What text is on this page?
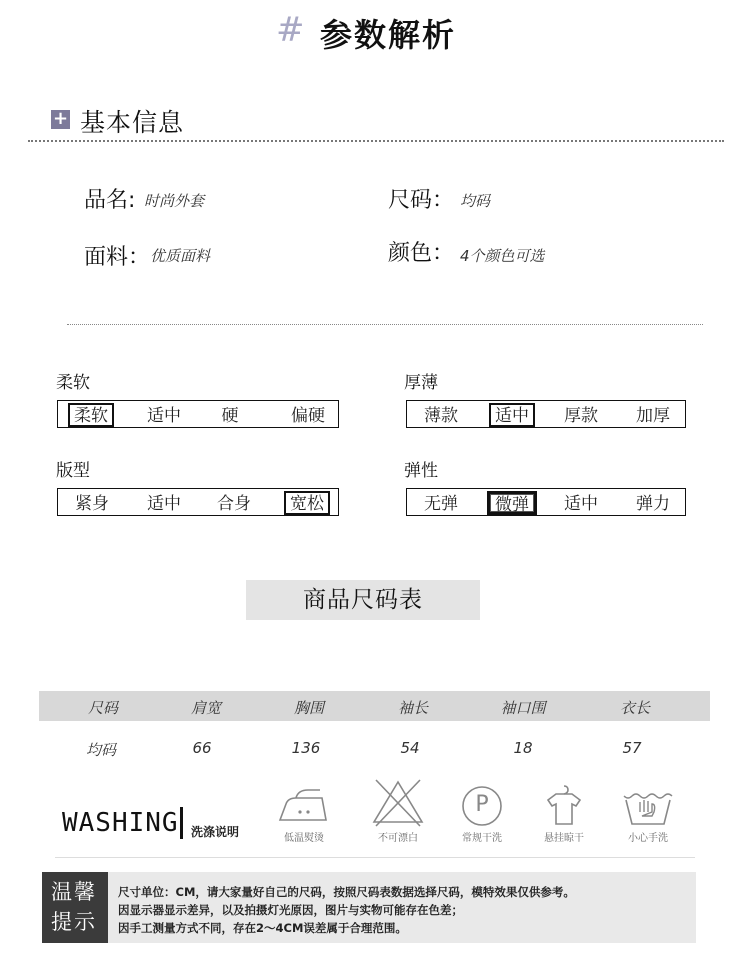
# 参数解析
+ 基本信息
品名: 时尚外套	尺码： 均码
面料： 优质面料	颜色： 4个颜色可选
柔软
柔软	适中	硬	偏硬
厚薄
薄款	适中	厚款	加厚
版型
紧身	适中	合身	宽松
弹性
无弹	微弹	适中	弹力
商品尺码表
尺码	肩宽	胸围	袖长	袖口围	衣长
均码	66	136	54	18	57
WASHING 洗涤说明	低温熨烫	不可漂白
P
常规干洗	悬挂晾干	小心手洗
温馨
提示
尺寸单位：CM，请大家量好自己的尺码，按照尺码表数据选择尺码，模特效果仅供参考。
因显示器显示差异，以及拍摄灯光原因，图片与实物可能存在色差；
因手工测量方式不同，存在2～4CM误差属于合理范围。
